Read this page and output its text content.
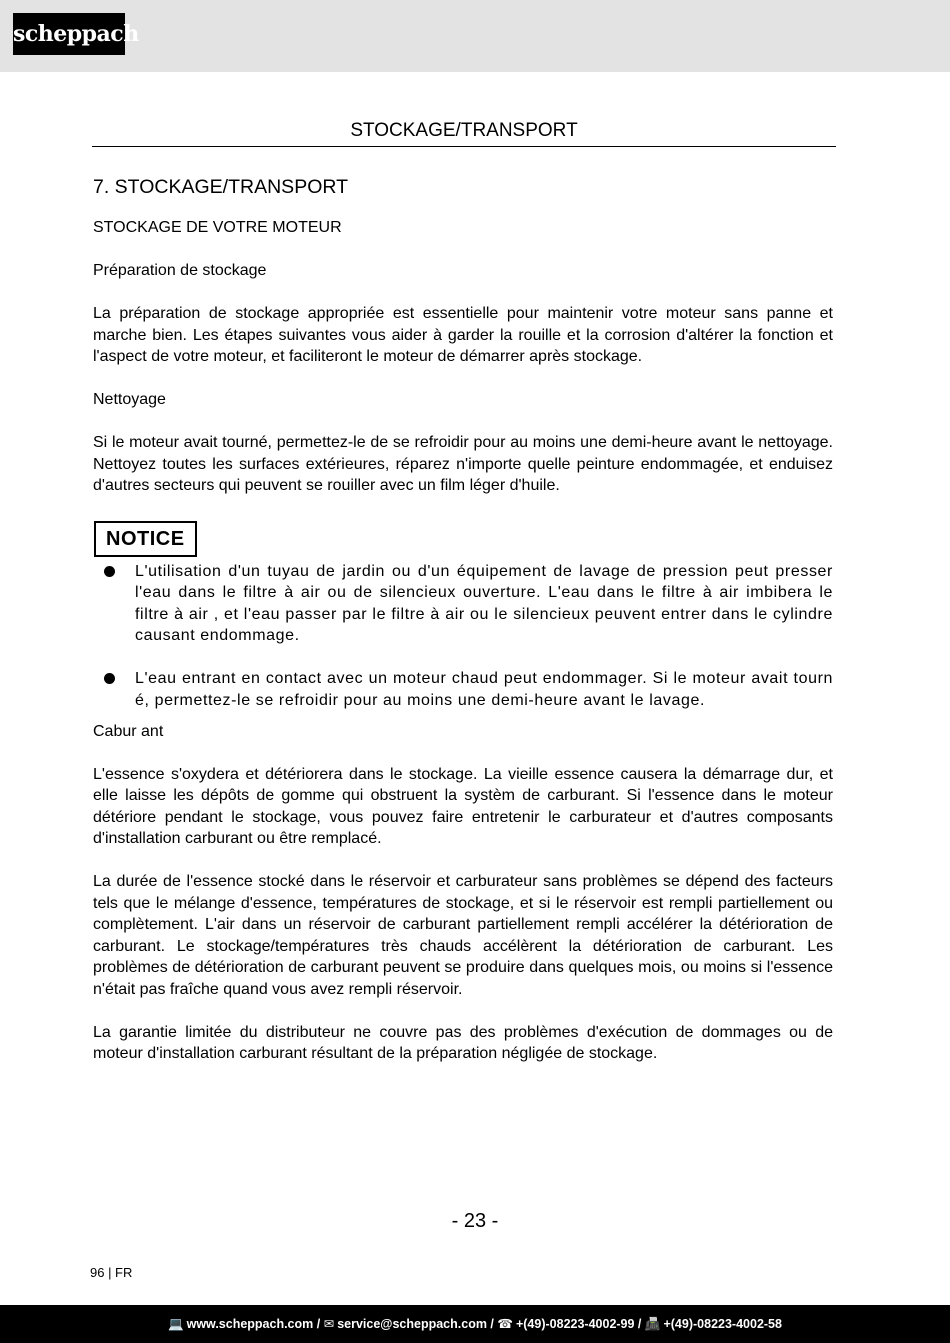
scheppach
STOCKAGE/TRANSPORT
7. STOCKAGE/TRANSPORT
STOCKAGE DE VOTRE MOTEUR
Préparation de stockage
La préparation de stockage appropriée est essentielle pour maintenir votre moteur sans panne et marche bien. Les étapes suivantes vous aider à garder la rouille et la corrosion d'altérer la fonction et l'aspect de votre moteur, et faciliteront le moteur de démarrer après stockage.
Nettoyage
Si le moteur avait tourné, permettez-le de se refroidir pour au moins une demi-heure avant le nettoyage. Nettoyez toutes les surfaces extérieures, réparez n'importe quelle peinture endommagée, et enduisez d'autres secteurs qui peuvent se rouiller avec un film léger d'huile.
NOTICE
L'utilisation d'un tuyau de jardin ou d'un équipement de lavage de pression peut presser l'eau dans le filtre à air ou de silencieux ouverture. L'eau dans le filtre à air imbibera le filtre à air , et l'eau passer par le filtre à air ou le silencieux peuvent entrer dans le cylindre causant endommage.
L'eau entrant en contact avec un moteur chaud peut endommager. Si le moteur avait tourn é, permettez-le se refroidir pour au moins une demi-heure avant le lavage.
Cabur ant
L'essence s'oxydera et détériorera dans le stockage. La vieille essence causera la démarrage dur, et elle laisse les dépôts de gomme qui obstruent la systèm de carburant. Si l'essence dans le moteur détériore pendant le stockage, vous pouvez faire entretenir le carburateur et d'autres composants d'installation carburant ou être remplacé.
La durée de l'essence stocké dans le réservoir et carburateur sans problèmes se dépend des facteurs tels que le mélange d'essence, températures de stockage, et si le réservoir est rempli partiellement ou complètement. L'air dans un réservoir de carburant partiellement rempli accélérer la détérioration de carburant. Le stockage/températures très chauds accélèrent la détérioration de carburant. Les problèmes de détérioration de carburant peuvent se produire dans quelques mois, ou moins si l'essence n'était pas fraîche quand vous avez rempli réservoir.
La garantie limitée du distributeur ne couvre pas des problèmes d'exécution de dommages ou de moteur d'installation carburant résultant de la préparation négligée de stockage.
- 23 -
96 | FR
💻 www.scheppach.com / ✉ service@scheppach.com / ☎ +(49)-08223-4002-99 / 📠 +(49)-08223-4002-58
